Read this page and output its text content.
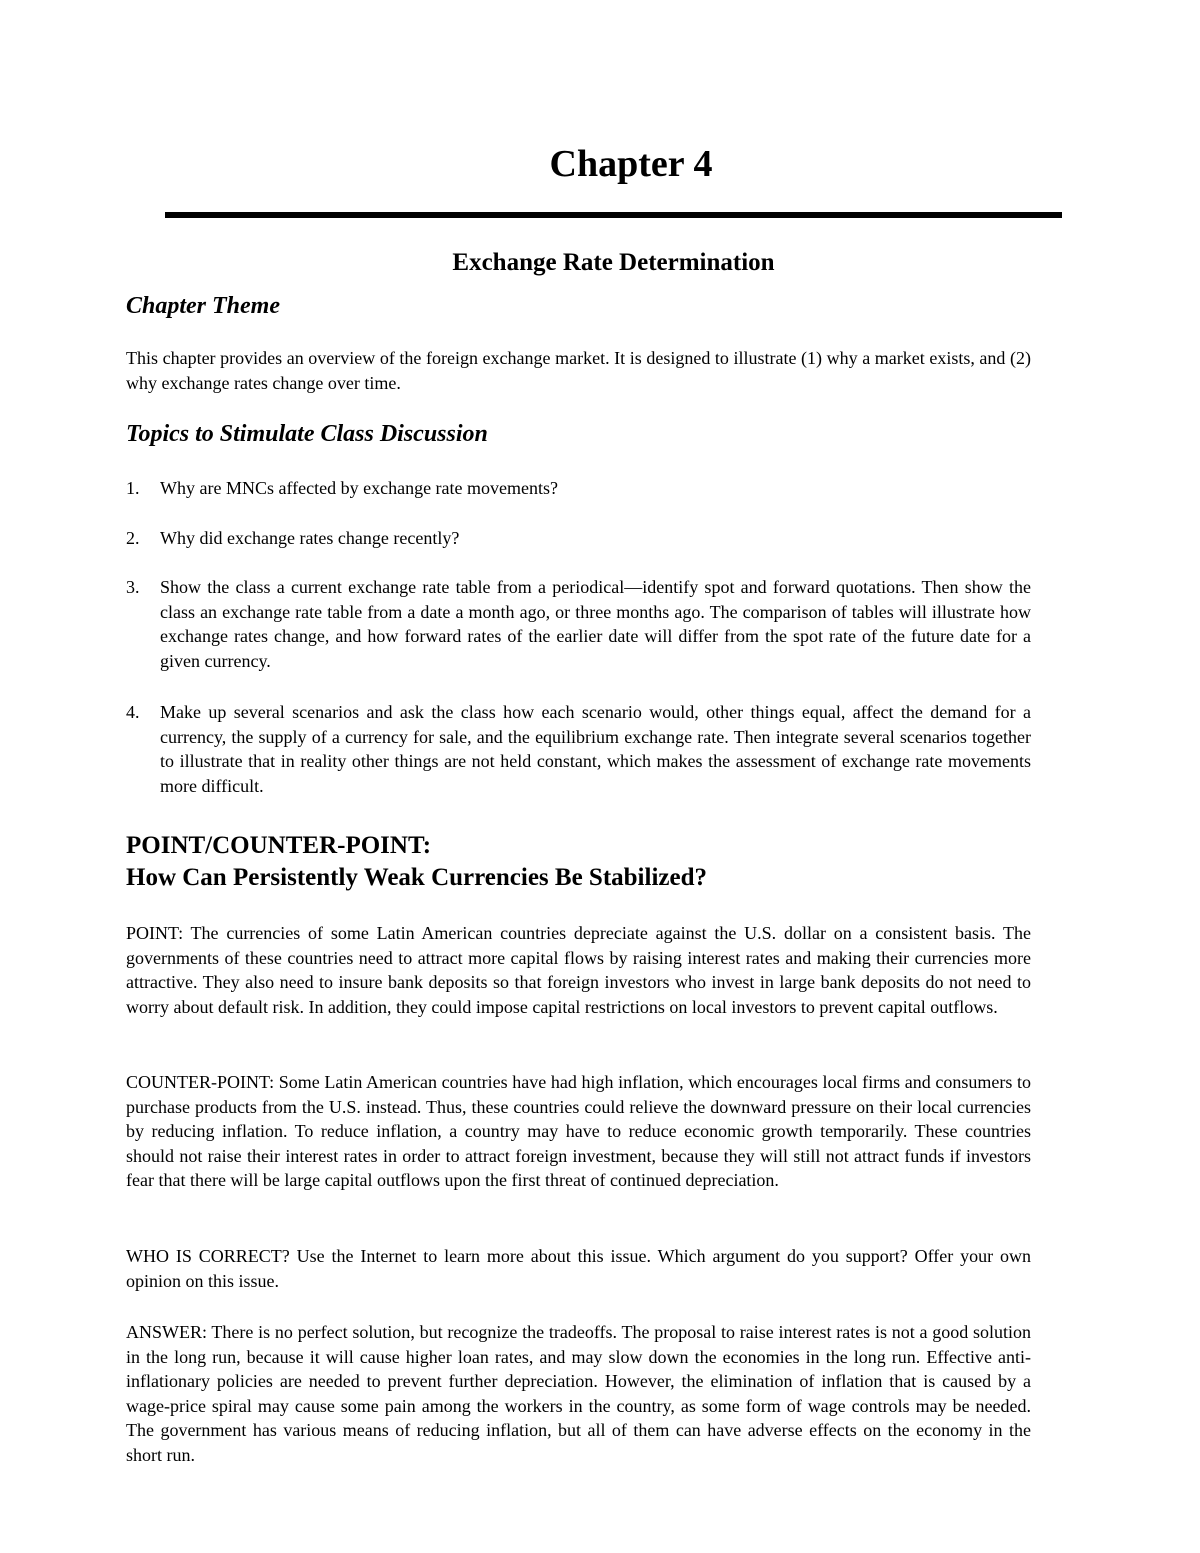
Chapter 4
Exchange Rate Determination
Chapter Theme

This chapter provides an overview of the foreign exchange market. It is designed to illustrate (1) why a market exists, and (2) why exchange rates change over time.

Topics to Stimulate Class Discussion
1.	Why are MNCs affected by exchange rate movements?
2.	Why did exchange rates change recently?
3.	Show the class a current exchange rate table from a periodical—identify spot and forward quotations. Then show the class an exchange rate table from a date a month ago, or three months ago. The comparison of tables will illustrate how exchange rates change, and how forward rates of the earlier date will differ from the spot rate of the future date for a given currency.
4.	Make up several scenarios and ask the class how each scenario would, other things equal, affect the demand for a currency, the supply of a currency for sale, and the equilibrium exchange rate. Then integrate several scenarios together to illustrate that in reality other things are not held constant, which makes the assessment of exchange rate movements more difficult.
POINT/COUNTER-POINT:
How Can Persistently Weak Currencies Be Stabilized?

POINT: The currencies of some Latin American countries depreciate against the U.S. dollar on a consistent basis. The governments of these countries need to attract more capital flows by raising interest rates and making their currencies more attractive. They also need to insure bank deposits so that foreign investors who invest in large bank deposits do not need to worry about default risk. In addition, they could impose capital restrictions on local investors to prevent capital outflows.

COUNTER-POINT: Some Latin American countries have had high inflation, which encourages local firms and consumers to purchase products from the U.S. instead. Thus, these countries could relieve the downward pressure on their local currencies by reducing inflation. To reduce inflation, a country may have to reduce economic growth temporarily. These countries should not raise their interest rates in order to attract foreign investment, because they will still not attract funds if investors fear that there will be large capital outflows upon the first threat of continued depreciation.

WHO IS CORRECT? Use the Internet to learn more about this issue. Which argument do you support? Offer your own opinion on this issue.

ANSWER: There is no perfect solution, but recognize the tradeoffs. The proposal to raise interest rates is not a good solution in the long run, because it will cause higher loan rates, and may slow down the economies in the long run. Effective anti-inflationary policies are needed to prevent further depreciation. However, the elimination of inflation that is caused by a wage-price spiral may cause some pain among the workers in the country, as some form of wage controls may be needed. The government has various means of reducing inflation, but all of them can have adverse effects on the economy in the short run.
